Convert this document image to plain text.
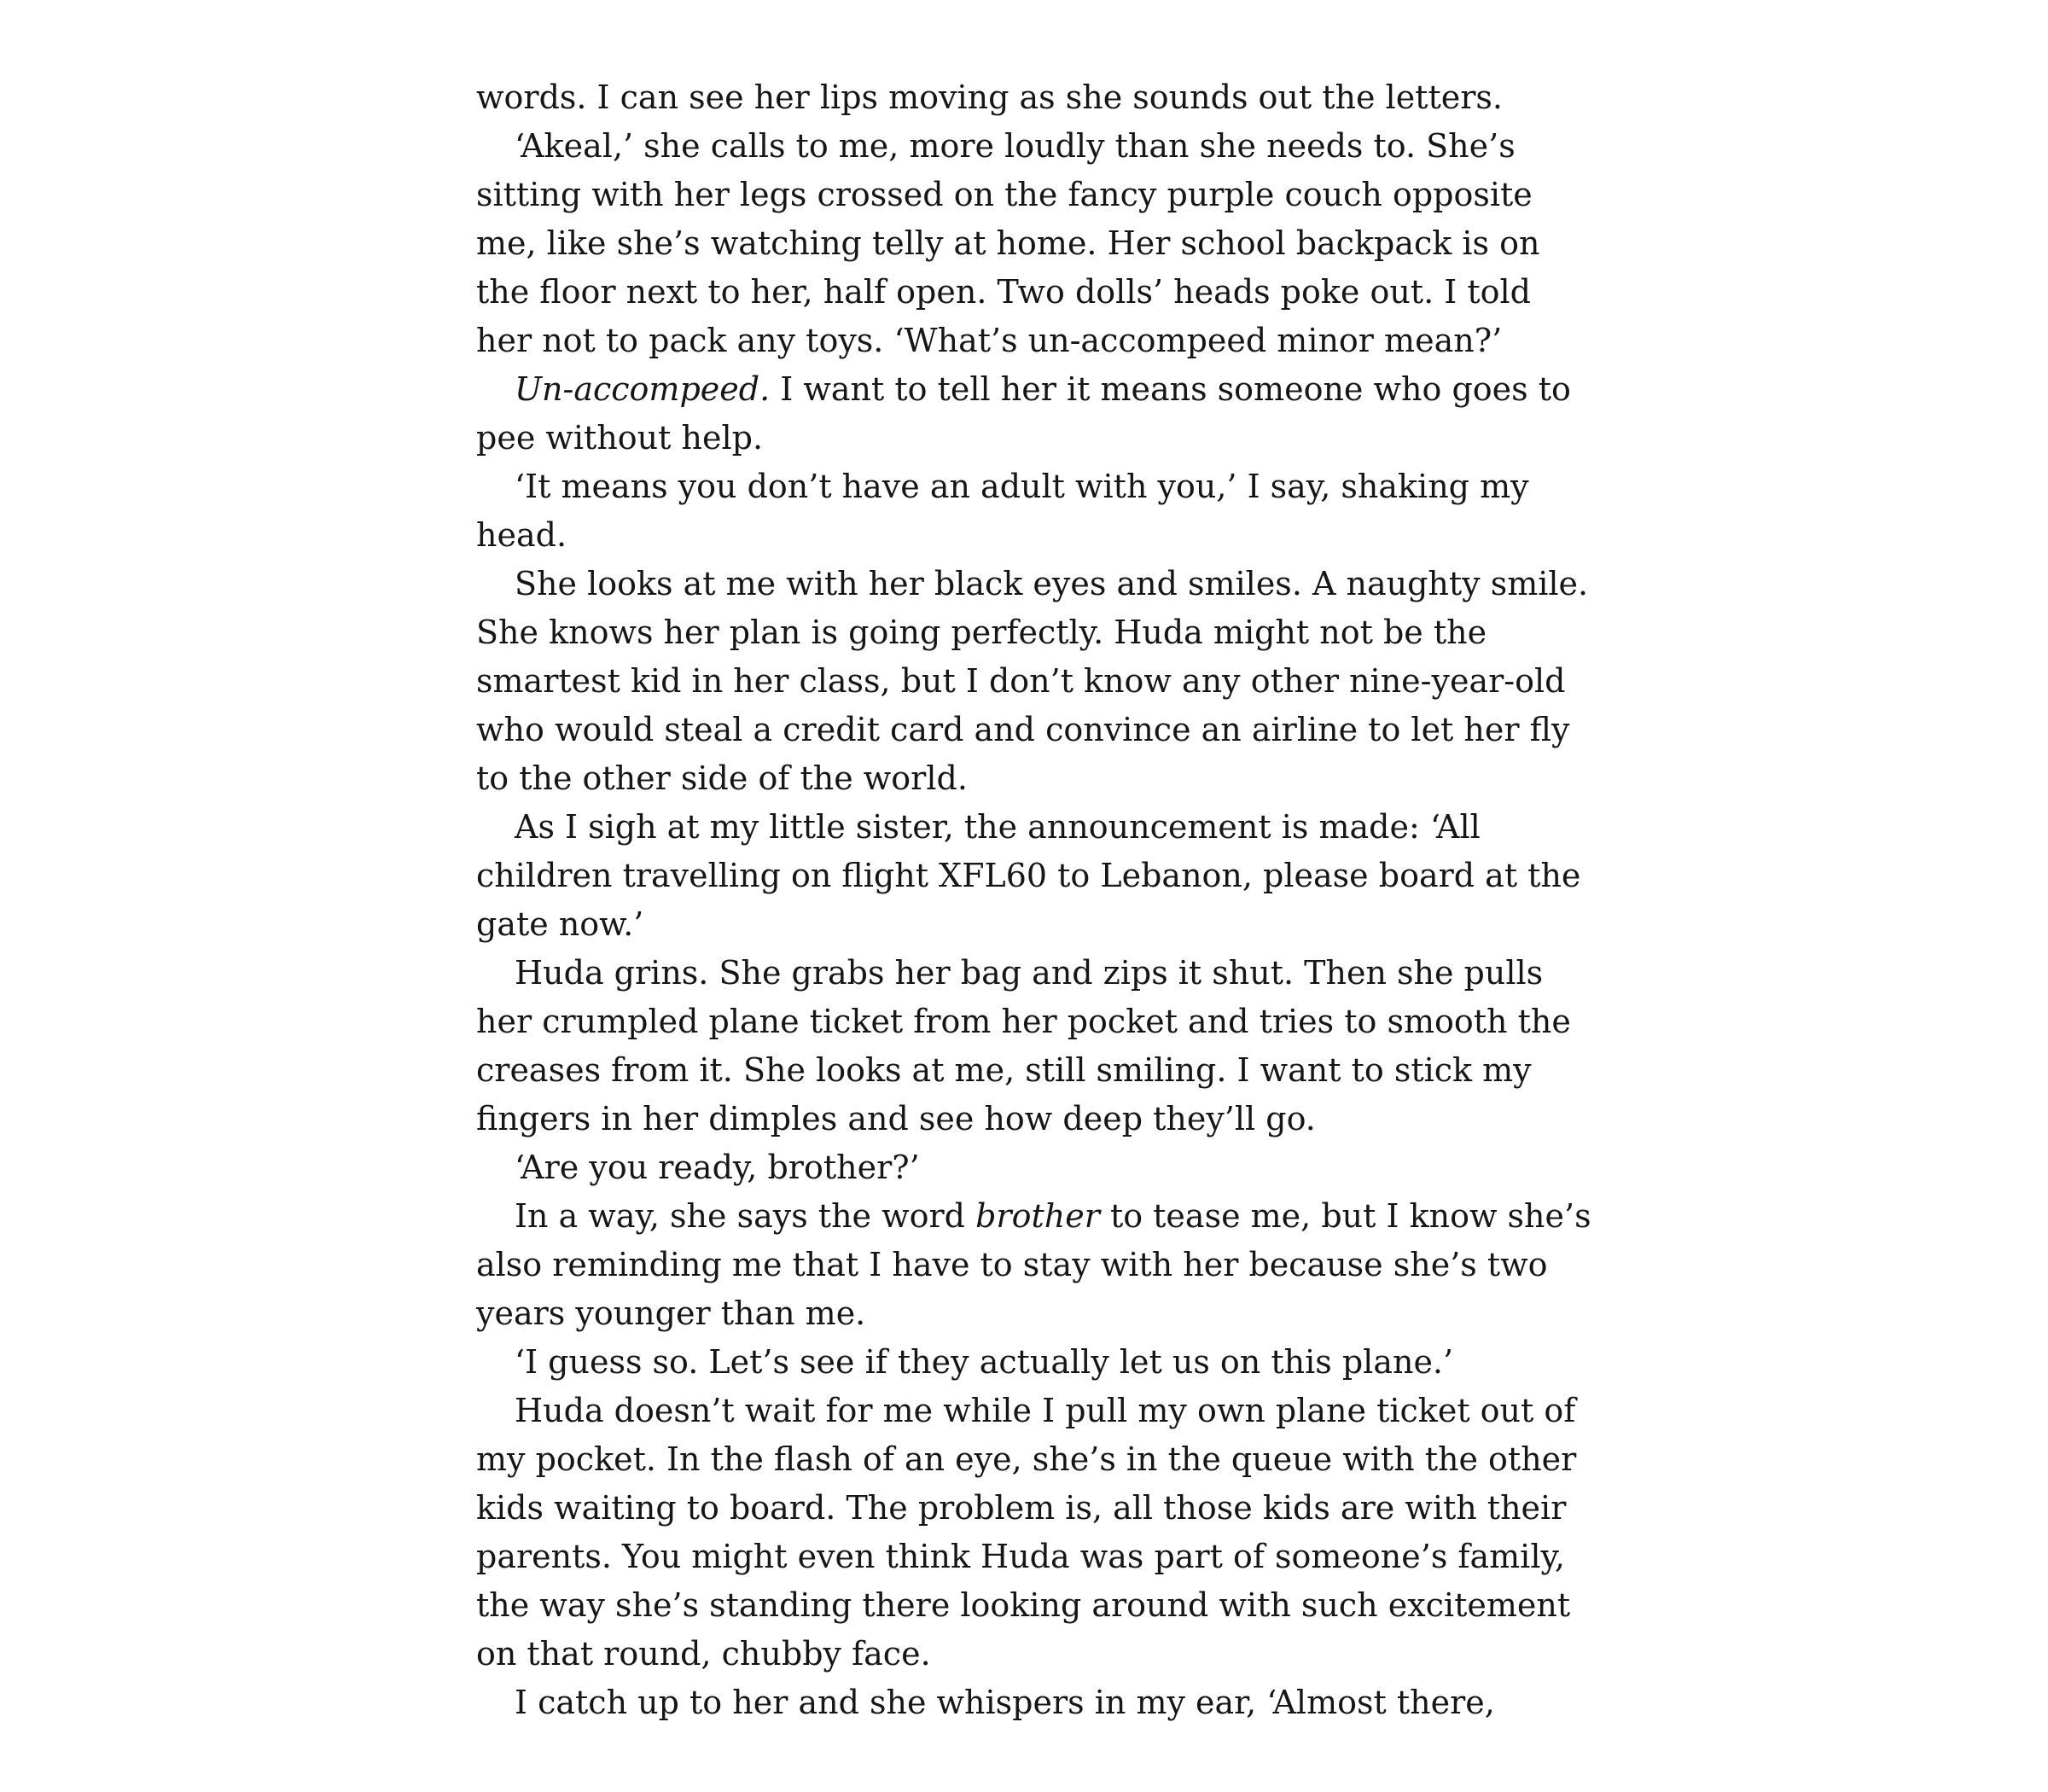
words. I can see her lips moving as she sounds out the letters.
‘Akeal,’ she calls to me, more loudly than she needs to. She’s
sitting with her legs crossed on the fancy purple couch opposite
me, like she’s watching telly at home. Her school backpack is on
the floor next to her, half open. Two dolls’ heads poke out. I told
her not to pack any toys. ‘What’s un-accompeed minor mean?’
Un-accompeed. I want to tell her it means someone who goes to
pee without help.
‘It means you don’t have an adult with you,’ I say, shaking my
head.
She looks at me with her black eyes and smiles. A naughty smile.
She knows her plan is going perfectly. Huda might not be the
smartest kid in her class, but I don’t know any other nine-year-old
who would steal a credit card and convince an airline to let her fly
to the other side of the world.
As I sigh at my little sister, the announcement is made: ‘All
children travelling on flight XFL60 to Lebanon, please board at the
gate now.’
Huda grins. She grabs her bag and zips it shut. Then she pulls
her crumpled plane ticket from her pocket and tries to smooth the
creases from it. She looks at me, still smiling. I want to stick my
fingers in her dimples and see how deep they’ll go.
‘Are you ready, brother?’
In a way, she says the word brother to tease me, but I know she’s
also reminding me that I have to stay with her because she’s two
years younger than me.
‘I guess so. Let’s see if they actually let us on this plane.’
Huda doesn’t wait for me while I pull my own plane ticket out of
my pocket. In the flash of an eye, she’s in the queue with the other
kids waiting to board. The problem is, all those kids are with their
parents. You might even think Huda was part of someone’s family,
the way she’s standing there looking around with such excitement
on that round, chubby face.
I catch up to her and she whispers in my ear, ‘Almost there,
